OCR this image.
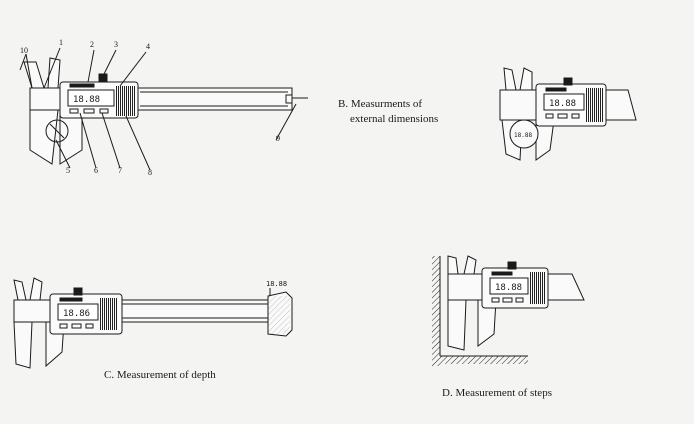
18.88	18.88
18.88
18.86
18.88	18.88
1	2	3	4
5	6	7	8
9
10
B. Measurments of
external dimensions
C. Measurement of depth
D. Measurement of steps
